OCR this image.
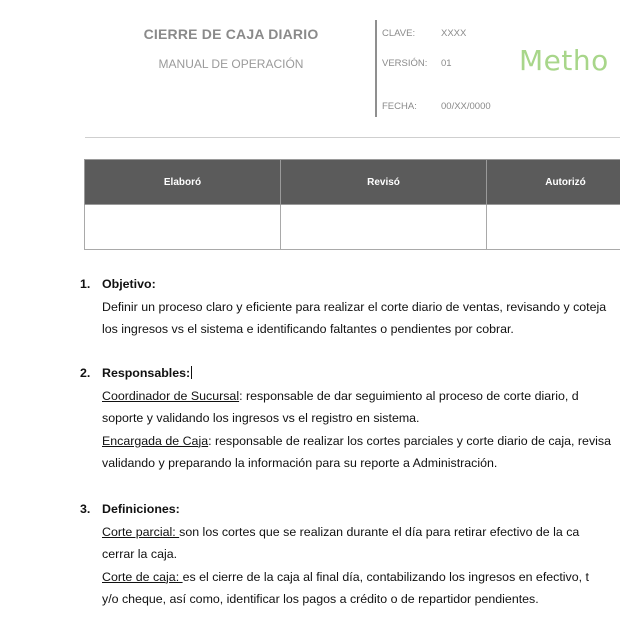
CIERRE DE CAJA DIARIO
MANUAL DE OPERACIÓN
CLAVE:	XXXX
VERSIÓN: 01
FECHA:	00/XX/0000
Metho
Elaboró	Revisó	Autorizó

1. Objetivo:
Definir un proceso claro y eficiente para realizar el corte diario de ventas, revisando y coteja
los ingresos vs el sistema e identificando faltantes o pendientes por cobrar.
2. Responsables:
Coordinador de Sucursal: responsable de dar seguimiento al proceso de corte diario, d
soporte y validando los ingresos vs el registro en sistema.
Encargada de Caja: responsable de realizar los cortes parciales y corte diario de caja, revisa
validando y preparando la información para su reporte a Administración.
3. Definiciones:
Corte parcial: son los cortes que se realizan durante el día para retirar efectivo de la ca
cerrar la caja.
Corte de caja: es el cierre de la caja al final día, contabilizando los ingresos en efectivo, t
y/o cheque, así como, identificar los pagos a crédito o de repartidor pendientes.
